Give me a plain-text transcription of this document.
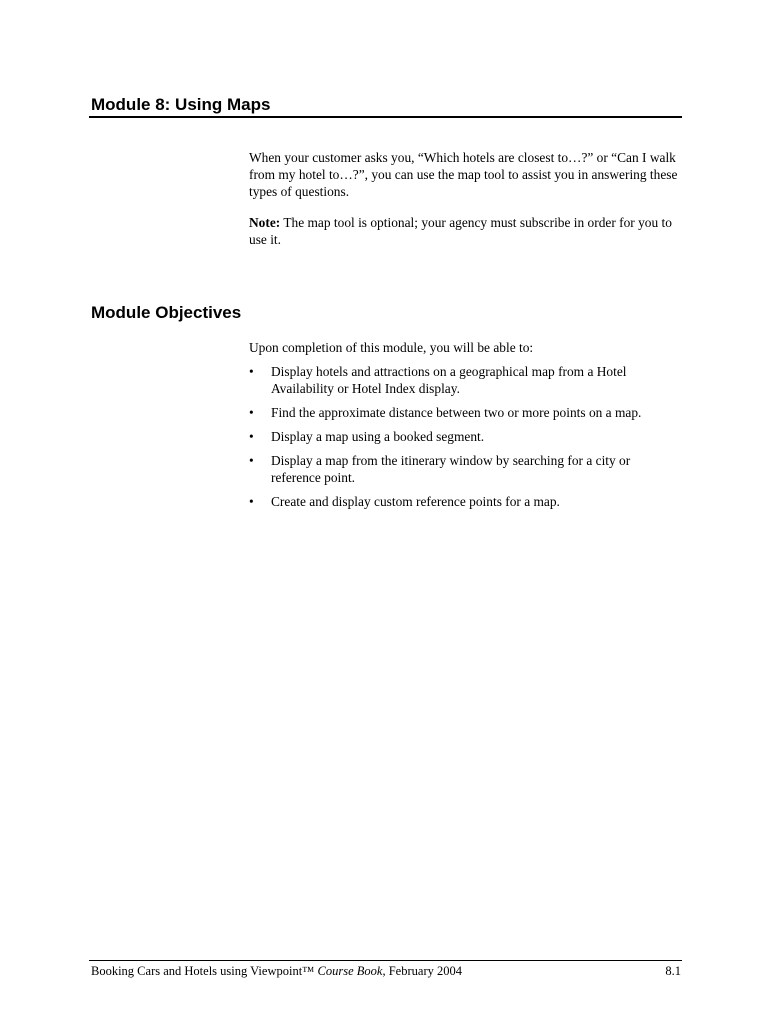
Module 8: Using Maps

When your customer asks you, “Which hotels are closest to…?” or “Can I walk from my hotel to…?”, you can use the map tool to assist you in answering these types of questions.

Note: The map tool is optional; your agency must subscribe in order for you to use it.

Module Objectives

Upon completion of this module, you will be able to:

• Display hotels and attractions on a geographical map from a Hotel Availability or Hotel Index display.
• Find the approximate distance between two or more points on a map.
• Display a map using a booked segment.
• Display a map from the itinerary window by searching for a city or reference point.
• Create and display custom reference points for a map.
Booking Cars and Hotels using Viewpoint™ Course Book, February 2004	8.1
